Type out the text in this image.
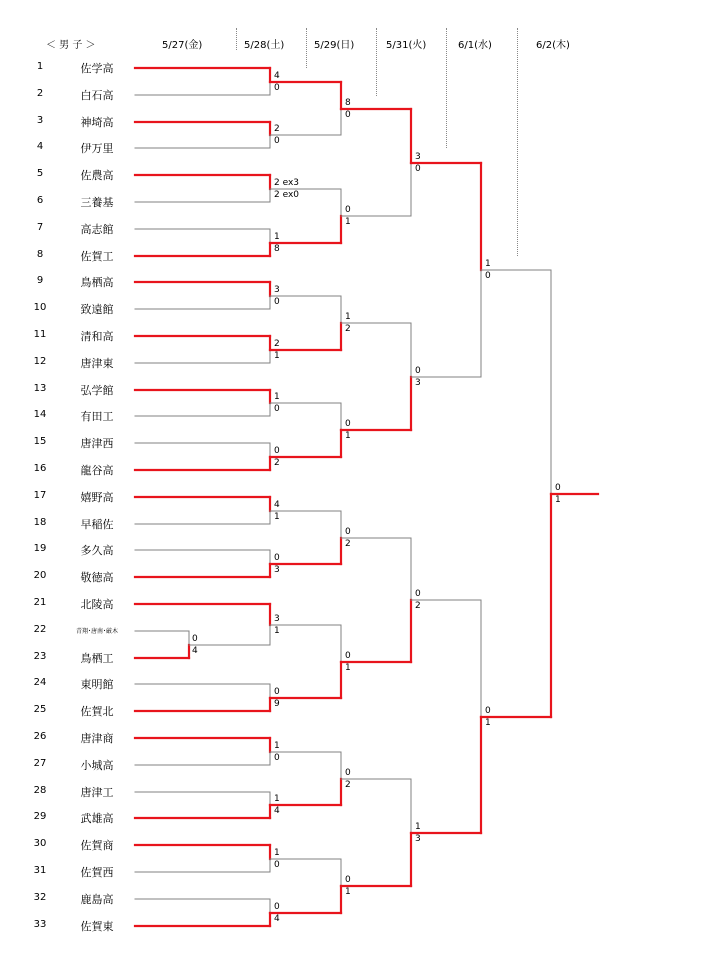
＜ 男 子 ＞	5/27(金)	5/28(土)	5/29(日)	5/31(火)	6/1(水)	6/2(木)
1	佐学高
2	白石高
3	神埼高
4	伊万里
5	佐農高
6	三養基
7	高志館
8	佐賀工
9	鳥栖高
10	致遠館
11	清和高
12	唐津東
13	弘学館
14	有田工
15	唐津西
16	龍谷高
17	嬉野高
18	早稲佐
19	多久高
20	敬徳高
21	北陵高
22	青翔･唐南･厳木
23	鳥栖工
24	東明館
25	佐賀北
26	唐津商
27	小城高
28	唐津工
29	武雄高
30	佐賀商
31	佐賀西
32	鹿島高
33	佐賀東
0
4
4
0
2
0
2 ex3
2 ex0
1
8
3
0
2
1
1
0
0
2
4
1
0
3
3
1
0
9
1
0
1
4
1
0
0
4
8
0
0
1
1
2
0
1
0
2
0
1
0
2
0
1
3
0
0
3
0
2
1
3
1
0
0
1
0
1
